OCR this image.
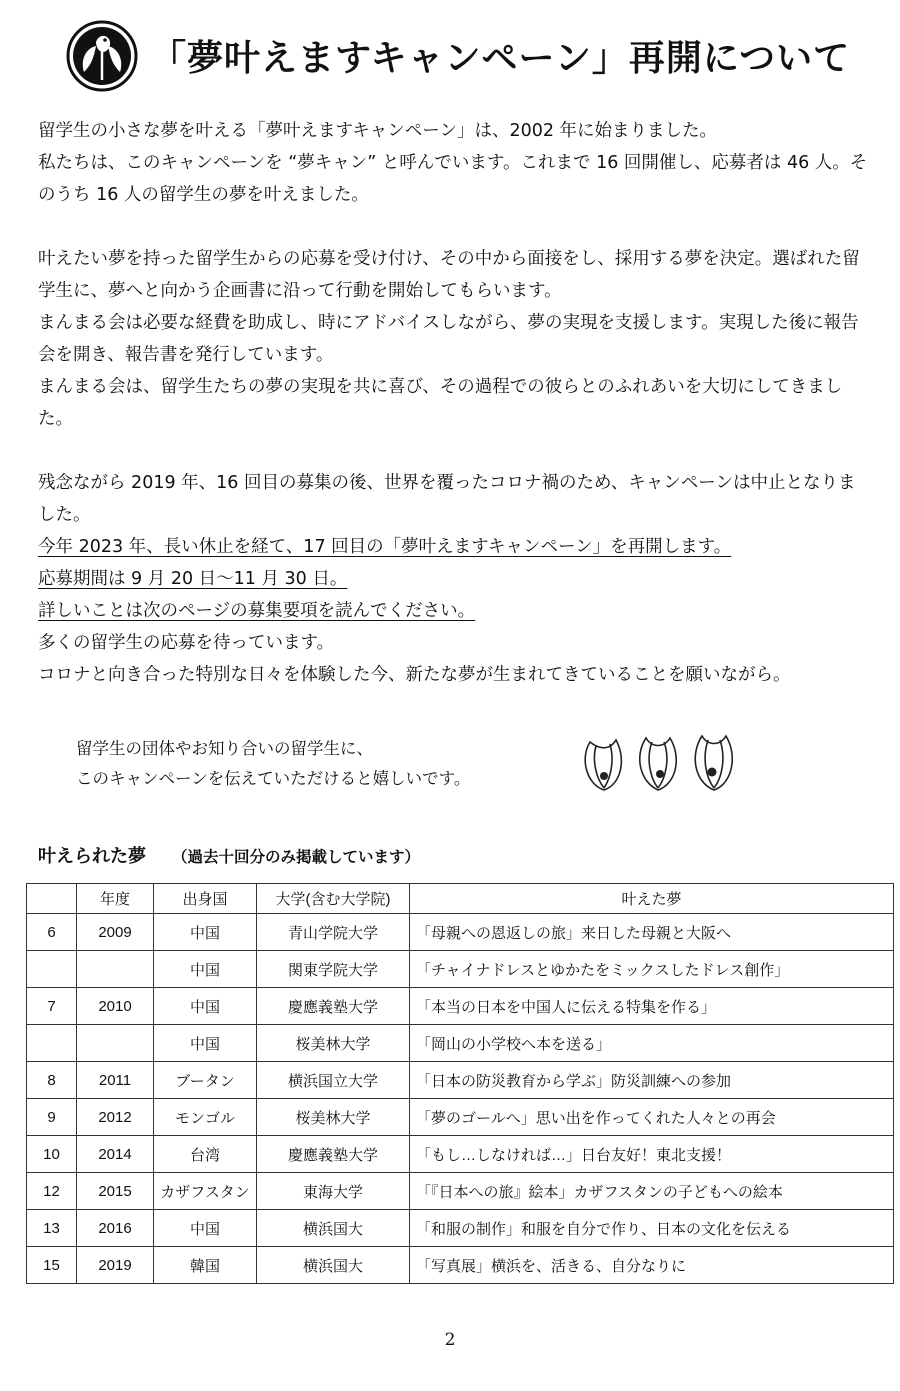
「夢叶えますキャンペーン」再開について

留学生の小さな夢を叶える「夢叶えますキャンペーン」は、2002 年に始まりました。

私たちは、このキャンペーンを “夢キャン” と呼んでいます。これまで 16 回開催し、応募者は 46 人。そのうち 16 人の留学生の夢を叶えました。

叶えたい夢を持った留学生からの応募を受け付け、その中から面接をし、採用する夢を決定。選ばれた留学生に、夢へと向かう企画書に沿って行動を開始してもらいます。

まんまる会は必要な経費を助成し、時にアドバイスしながら、夢の実現を支援します。実現した後に報告会を開き、報告書を発行しています。

まんまる会は、留学生たちの夢の実現を共に喜び、その過程での彼らとのふれあいを大切にしてきました。

残念ながら 2019 年、16 回目の募集の後、世界を覆ったコロナ禍のため、キャンペーンは中止となりました。

今年 2023 年、長い休止を経て、17 回目の「夢叶えますキャンペーン」を再開します。

応募期間は 9 月 20 日～11 月 30 日。

詳しいことは次のページの募集要項を読んでください。

多くの留学生の応募を待っています。

コロナと向き合った特別な日々を体験した今、新たな夢が生まれてきていることを願いながら。

留学生の団体やお知り合いの留学生に、

このキャンペーンを伝えていただけると嬉しいです。

叶えられた夢 （過去十回分のみ掲載しています）
	年度	出身国	大学(含む大学院)	叶えた夢
6	2009	中国	青山学院大学	「母親への恩返しの旅」来日した母親と大阪へ
		中国	関東学院大学	「チャイナドレスとゆかたをミックスしたドレス創作」
7	2010	中国	慶應義塾大学	「本当の日本を中国人に伝える特集を作る」
		中国	桜美林大学	「岡山の小学校へ本を送る」
8	2011	ブータン	横浜国立大学	「日本の防災教育から学ぶ」防災訓練への参加
9	2012	モンゴル	桜美林大学	「夢のゴールへ」思い出を作ってくれた人々との再会
10	2014	台湾	慶應義塾大学	「もし…しなければ…」日台友好！東北支援！
12	2015	カザフスタン	東海大学	「『日本への旅』絵本」カザフスタンの子どもへの絵本
13	2016	中国	横浜国大	「和服の制作」和服を自分で作り、日本の文化を伝える
15	2019	韓国	横浜国大	「写真展」横浜を、活きる、自分なりに
2
